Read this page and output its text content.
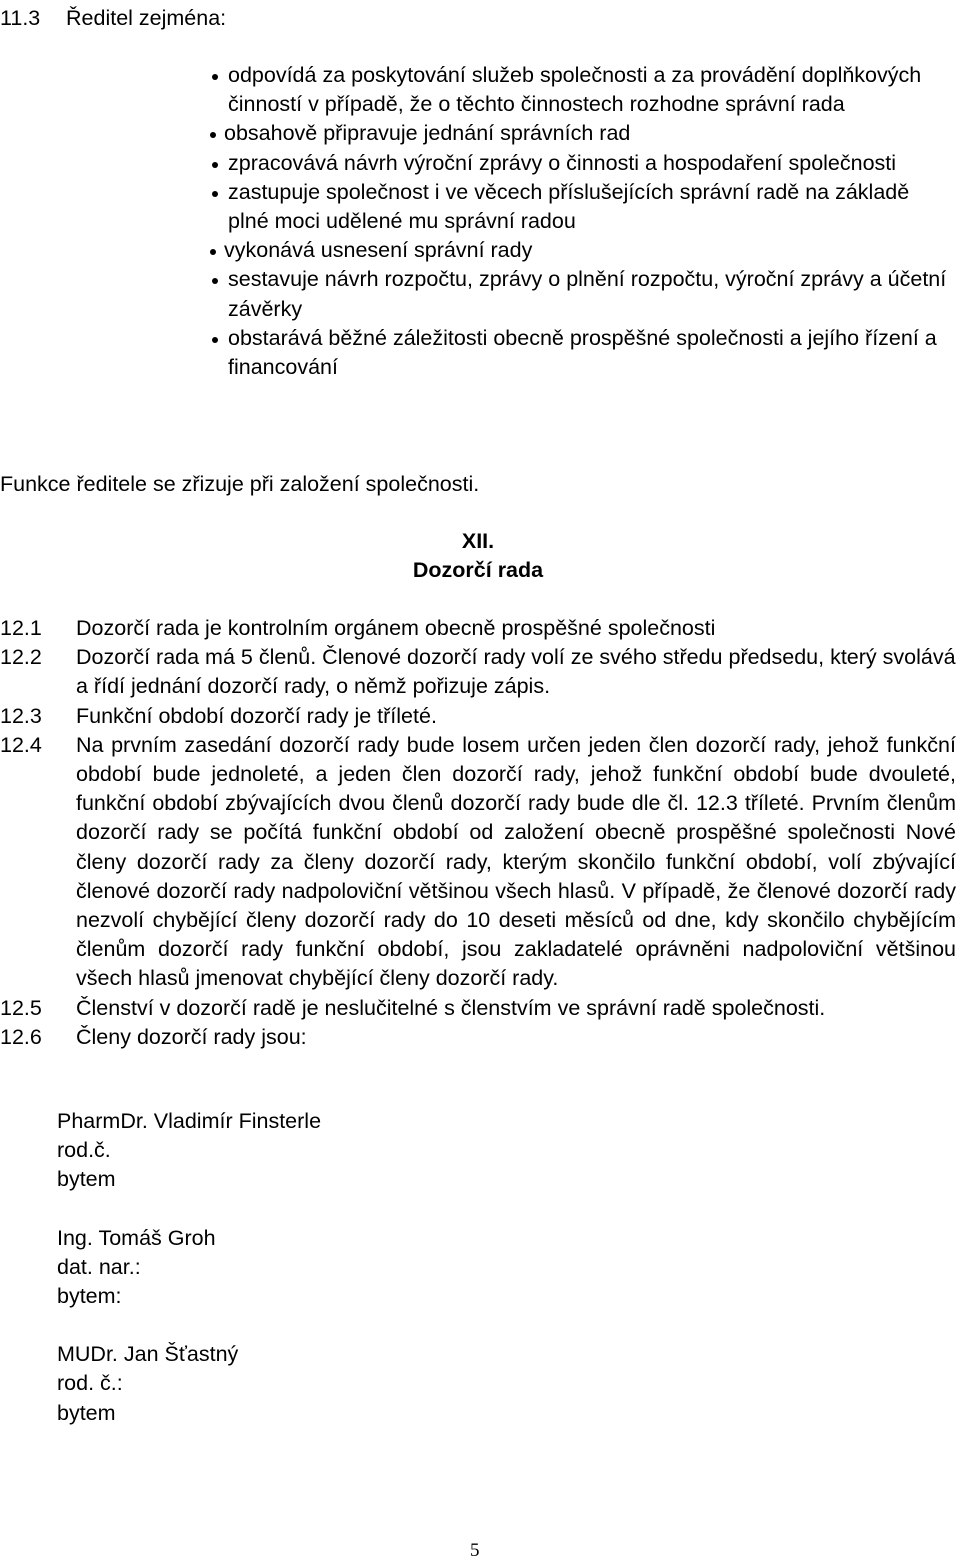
11.3 Ředitel zejména:
odpovídá za poskytování služeb společnosti a za provádění doplňkových činností v případě, že o těchto činnostech rozhodne správní rada
obsahově připravuje jednání správních rad
zpracovává návrh výroční zprávy o činnosti a hospodaření společnosti
zastupuje společnost i ve věcech příslušejících správní radě na základě plné moci udělené mu správní radou
vykonává usnesení správní rady
sestavuje návrh rozpočtu, zprávy o plnění rozpočtu, výroční zprávy a účetní závěrky
obstarává běžné záležitosti obecně prospěšné společnosti a jejího řízení a financování
Funkce ředitele se zřizuje při založení společnosti.
XII.
Dozorčí rada
12.1	Dozorčí rada je kontrolním orgánem obecně prospěšné společnosti
12.2	Dozorčí rada má 5 členů. Členové dozorčí rady volí ze svého středu předsedu, který svolává a řídí jednání dozorčí rady, o němž pořizuje zápis.
12.3	Funkční období dozorčí rady je tříleté.
12.4	Na prvním zasedání dozorčí rady bude losem určen jeden člen dozorčí rady, jehož funkční období bude jednoleté, a jeden člen dozorčí rady, jehož funkční období bude dvouleté, funkční období zbývajících dvou členů dozorčí rady bude dle čl. 12.3 tříleté. Prvním členům dozorčí rady se počítá funkční období od založení obecně prospěšné společnosti Nové členy dozorčí rady za členy dozorčí rady, kterým skončilo funkční období, volí zbývající členové dozorčí rady nadpoloviční většinou všech hlasů. V případě, že členové dozorčí rady nezvolí chybějící členy dozorčí rady do 10 deseti měsíců od dne, kdy skončilo chybějícím členům dozorčí rady funkční období, jsou zakladatelé oprávněni nadpoloviční většinou všech hlasů jmenovat chybějící členy dozorčí rady.
12.5	Členství v dozorčí radě je neslučitelné s členstvím ve správní radě společnosti.
12.6	Členy dozorčí rady jsou:
PharmDr. Vladimír Finsterle
rod.č.
bytem
Ing. Tomáš Groh
dat. nar.:
bytem:
MUDr. Jan Šťastný
rod. č.:
bytem
5
